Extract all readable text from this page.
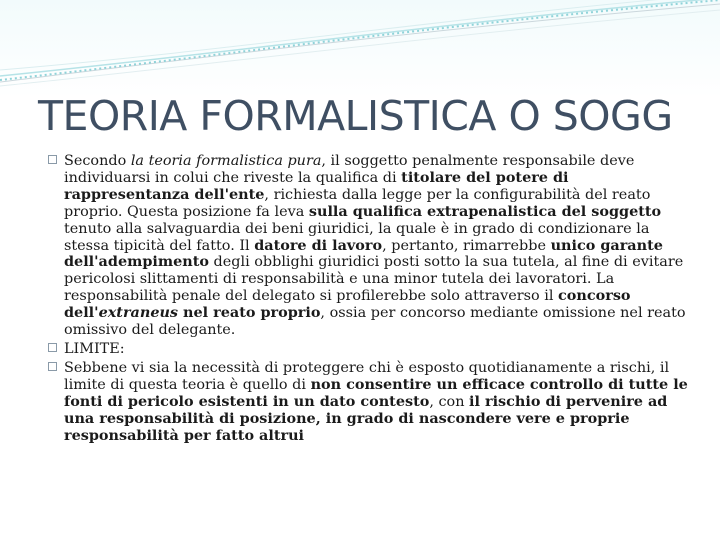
TEORIA FORMALISTICA O SOGG
Secondo la teoria formalistica pura, il soggetto penalmente responsabile deve individuarsi in colui che riveste la qualifica di titolare del potere di rappresentanza dell'ente, richiesta dalla legge per la configurabilità del reato proprio. Questa posizione fa leva sulla qualifica extrapenalistica del soggetto tenuto alla salvaguardia dei beni giuridici, la quale è in grado di condizionare la stessa tipicità del fatto. Il datore di lavoro, pertanto, rimarrebbe unico garante dell'adempimento degli obblighi giuridici posti sotto la sua tutela, al fine di evitare pericolosi slittamenti di responsabilità e una minor tutela dei lavoratori. La responsabilità penale del delegato si profilerebbe solo attraverso il concorso dell'extraneus nel reato proprio, ossia per concorso mediante omissione nel reato omissivo del delegante.
LIMITE:
Sebbene vi sia la necessità di proteggere chi è esposto quotidianamente a rischi, il limite di questa teoria è quello di non consentire un efficace controllo di tutte le fonti di pericolo esistenti in un dato contesto, con il rischio di pervenire ad una responsabilità di posizione, in grado di nascondere vere e proprie responsabilità per fatto altrui
